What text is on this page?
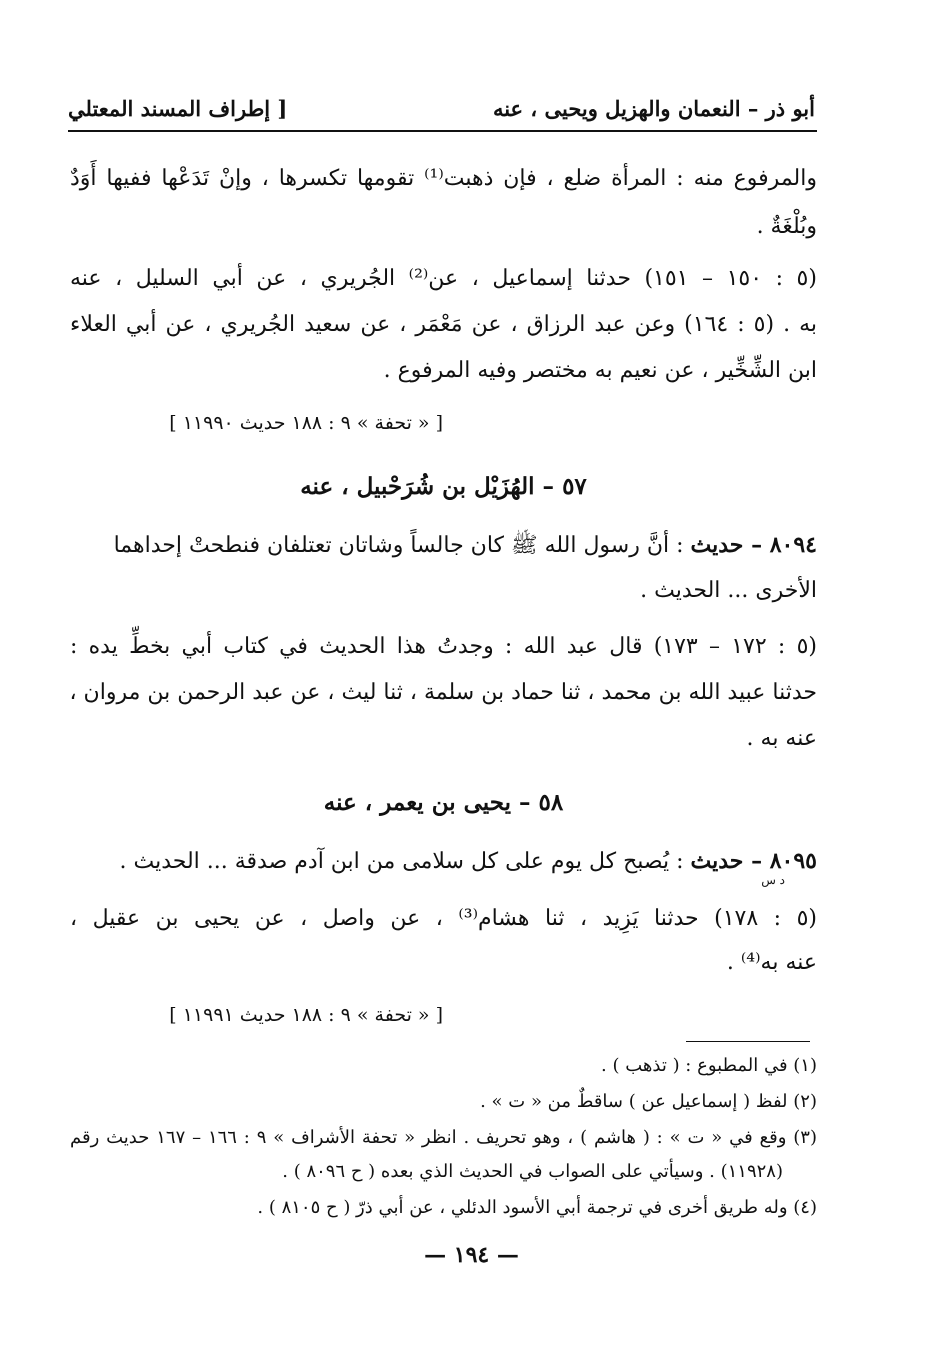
أبو ذر – النعمان والهزيل ويحيى ، عنه
[ إطراف المسند المعتلي
والمرفوع منه : المرأة ضلع ، فإن ذهبت⁽¹⁾ تقومها تكسرها ، وإنْ تَدَعْها ففيها أَوَدٌ
وبُلْغَةٌ .
(٥ : ١٥٠ – ١٥١) حدثنا إسماعيل ، عن⁽²⁾ الجُريري ، عن أبي السليل ، عنه
به . (٥ : ١٦٤) وعن عبد الرزاق ، عن مَعْمَر ، عن سعيد الجُريري ، عن أبي العلاء
ابن الشِّخِّير ، عن نعيم به مختصر وفيه المرفوع .
[ « تحفة » ٩ : ١٨٨ حديث ١١٩٩٠ ]
٥٧ – الهُزَيْل بن شُرَحْبيل ، عنه
٨٠٩٤ – حديث : أنَّ رسول الله ﷺ كان جالساً وشاتان تعتلفان فنطحتْ إحداهما
الأخرى ... الحديث .
(٥ : ١٧٢ – ١٧٣) قال عبد الله : وجدتُ هذا الحديث في كتاب أبي بخطِّ يده :
حدثنا عبيد الله بن محمد ، ثنا حماد بن سلمة ، ثنا ليث ، عن عبد الرحمن بن مروان ،
عنه به .
٥٨ – يحيى بن يعمر ، عنه
٨٠٩٥ – حديث : يُصبح كل يوم على كل سلامى من ابن آدم صدقة ... الحديث .
د س
(٥ : ١٧٨) حدثنا يَزِيد ، ثنا هشام⁽³⁾ ، عن واصل ، عن يحيى بن عقيل ،
عنه به⁽⁴⁾ .
[ « تحفة » ٩ : ١٨٨ حديث ١١٩٩١ ]
(١) في المطبوع : ( تذهب ) .
(٢) لفظ ( إسماعيل عن ) ساقطٌ من « ت » .
(٣) وقع في « ت » : ( هاشم ) ، وهو تحريف . انظر « تحفة الأشراف » ٩ : ١٦٦ – ١٦٧ حديث رقم
(١١٩٢٨) . وسيأتي على الصواب في الحديث الذي بعده ( ح ٨٠٩٦ ) .
(٤) وله طريق أخرى في ترجمة أبي الأسود الدئلي ، عن أبي ذرّ ( ح ٨١٠٥ ) .
— ١٩٤ —
